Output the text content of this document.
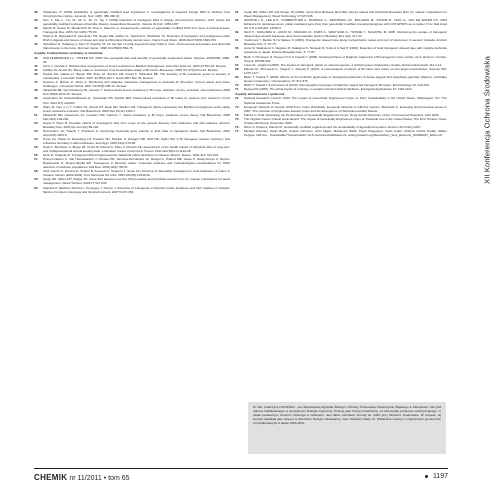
38. Chatterjee, P. (2008) Availability of genetically modified feed ingredients II: investigations of ingested foreign DNA in rainbow trout Oncorhynchus mykiss. Aquacult. Nutr. 14(5): 380-390 [1]

39. Sun, T., Ma, L., Liu, W., Ali, S., Xu, H., Jia, Y. (2009) Detection of transgenic DNA in tilapias (Oreochromis niloticus, GIFT strain) fed genetically modified soybeans (Roundup Ready). Aquaculture Research, Volume 40 (12): 1350-1357

40. Mazza R, Soave M, Morlacchini M, Piva G, Marocco A. Assessing the transfer of genetically modified DNA from feed to animal tissues. Transgenic Res. 2005 Oct;14(5):775-84.

41. Sharma R, Damgaard D, Alexander TW, Dugan ME, Aalhus JL, Stanford K, McAllister TA. Detection of transgenic and endogenous plant DNA in digesta and tissues of sheep and pigs fed Roundup Ready canola meal. J Agric Food Chem. 2006 Mar 8;54(5):1699-709.

42. Schubbert R, Hohlweg U, Renz D, Doerfler W. On the fate of orally ingested foreign DNA in mice: chromosomal association and placental transmission to the fetus. Mol Gen Genet. 1998 Oct;259(6):569-76.

Aspekty środowiskowe i problemy w rolnictwie,

43. WOLFENBARGER L.L., PHIFER P.R. 2000 The ecological risks and benefits of genetically engineered plants. Science. 290(5499): 2088-93.

44. Ferré J, Van Rie J. Biochemistry and genetics of insect resistance to Bacillus thuringiensis. Annu Rev Entomol. 2002;47:501-33. Review.

45. Griffitts JS, Aroian RV. Many roads to resistance: how invertebrates adapt to Bt toxins. Bioessays. 2005 Jun;27(6):614-24. Review.

46. Heckel DG, Gahan LJ, Baxter SW, Zhao JZ, Shelton AM, Gould F, Tabashnik BE. The diversity of Bt resistance genes in species of Lepidoptera. J Invertebr Pathol. 2007 Jul;95(3):192-7. Epub 2007 Mar 25. Review.

47. Downes S, Mahon R, Olsen K. Monitoring and adaptive resistance management in Australia for Bt-cotton: current status and future challenges. J Invertebr Pathol. 2007 Jul;95(3):208-13. Review.

48. Tabashnik BE, Van Rensburg JB, Carrière Y. Field-evolved insect resistance to Bt crops: definition, theory, and data. J Econ Entomol. 2009 Dec;102(6):2011-25. Review.

49. Gassmann AJ, Petzold-Maxwell JL, Keweshan RS, Dunbar MW. Field-evolved resistance to Bt maize by western corn rootworm. PLoS One. 2011;6(7):e22629.

50. Zhao JZ, Cao J, Li Y, Collins HL, Roush RT, Earle ED, Shelton AM. Transgenic plants expressing two Bacillus thuringiensis toxins delay insect resistance evolution. Nat Biotechnol. 2003 Dec;21(12):1493-7.

51. Tabashnik BE, Gassmann AJ, Crowder DW, Carrière Y. Insect resistance to Bt crops: evidence versus theory. Nat Biotechnol. 2008 Feb;26(2):199-202.

52. Gepts P. Ryan R. Possible effects of (transgenic) flow from crops on the genetic diversity from landraces and wild relatives. Environ Biosafety Res. 2003 Apr-Jun;2(2):89-103.

53. Heinemann JA, Traavik T. Problems in monitoring horizontal gene transfer in field trials of transgenic plants. Nat Biotechnol. 2004 Sep;22(9):1105-9.

54. Snow AA, Pilson D, Rieseberg LH, Paulsen MJ, Pleskac N, Reagon MR, Wolf DE, Selbo SM. A Bt transgene reduces herbivory and enhances fecundity in wild sunflowers. Ecol Appl. 2003;13(2):279-86.

55. Snell C, Bernheim A, Bergé JB, Kuntz M, Pascal G, Paris A, Ricroch AE. Assessment of the health impact of GM plant diets in long-term and multigenerational animal feeding trials: a literature review. Food Chem Toxicol. 2012 Mar;50(3-4):1134-48.

56. Quist D, Chapela IH. Transgenic DNA introgressed into traditional maize landraces in Oaxaca, Mexico. Nature. 2001;414: 541-543.

57. Pineyro-Nelson A, Van Heerwaarden J, Perales HR, Serratos-Hernández JA, Rangel A, Hufford MB, Gepts P, Garay-Arroyo A, Rivera-Bustamante R, Alvarez-Buylla ER. Transgenes in Mexican maize: molecular evidence and methodological considerations for GMO detection in landrace populations. Mol Ecol. 2009;18(4):750-61.

58. Ortiz-García S, Ezcurra E, Schoel B, Acevedo F, Soberón J, Snow AA. Absence of detectable transgenes in local landraces of maize in Oaxaca, Mexico (2003-2004). Proc Natl Acad Sci USA. 2005;102(35):12338-43.

59. Gealy DR, Mitten DH, Rutger JN. Gene flow between red rice (Oryza sativa) and herbicide-resistant rice (O. sativa): implications for weed management. Weed Technol. 2003;17:627-645.

60. Gabriels P, Martinez Zarzoso I, Kornegay J, Franco J. Detection of transgenes in Mexican maize landraces and their relatives in Oaxaca, Mexico. Frontiers in Ecology and the Environment. 2007;5:247-252.

61. Gealy DR, Mitten DH and Rutger JN (2003). Gene Flow Between Red Rice (Oryza sativa) and Herbicide-Resistant Rice (O. sativa): Implications for Weed Management. Weed Technology 17:627-645.

62. WATRUD L.S., LEE E.H., FAIRBROTHER A., BURDICK C., REICHMAN J.R., BOLLMAN M., STORM M., KING G., VAN DE WATER P.K. 2004 Evidence for landscape-level, pollen-mediated gene flow from genetically modified creeping bentgrass with CP4 EPSPS as a marker. Proc Natl Acad Sci U S A 101(40): 14533-8

63. SAJI H., NAKAJIMA N., AONO M., TAMAOKI M., KUBO A., WAKIYAMA S., HATASE Y., NAGATSU M. 2005. Monitoring the escape of transgenic oilseed rape around Japanese ports and roadsides. Environ Biosafety Res 4(4): 217-22.

64. Yoshimura Y, Beckie HJ & Matsuo K (2006). Transgenic oilseed rape along transportation routes and port of Vancouver in western Canada. Environ Biosafety Res. 5: 67-75.

65. Aono M, Wakiyama S, Nagatsu M, Nakajima N, Tamaoki M, Kubo A & Saji H (2006). Detection of feral transgenic oilseed rape with multiple-herbicide resistance in Japan. Environ Biosafety Res. 5: 77-87.

66. Bohn T, Primicerio R, Hessen D.O & Traavik T (2008). Reduced fitness of Daphnia magna fed a Bt-transgenic maize variety. Arch. Environ. Contam. Toxicol. 55:584-592.

67. Lövei GL, Arpaia S (2005). The impact of transgenic plants on natural enemies: a critical review of laboratory studies. Entomol Exp Applic 114:1-14.

68. Marvier M., McCreedy C., Regetz J., Kareiva P. (2007). A meta-analysis of effects of Bt cotton and maize on non-target invertebrates. Science 316: 1475-1477.

69. Bøhn T, Traavik T. (2008). Effects of the herbicide glyphosate on biological parameters of Aedes aegypti and Anopheles gambiae (Diptera, Culicidae) larvae in laboratory. Chemosphere 70: 871-876.

70. Bøhn T, Traavik T & Primicerio R (2010). Demographic responses of Daphnia magna fed transgenic Bt-maize. Ecotoxicology 19: 419-430.

71. Relyea RA (2005). The lethal impact of roundup on aquatic and terrestrial amphibians. Ecological Applications 15: 1118-1124.

Aspekty ekonomiczne i społeczne

72. National Research Council. 2010. The Impact of Genetically Engineered Crops on Farm Sustainability in the United States. Washington, DC: The National Academies Press.

73. European Network of Genetic GMO-Free Crops Worldwide, European Network of GM-free regions. Benbrook C. Emerging Environmental Issues in 2007: The Overuse of Glyphosate-tolerant Crops and the Emergence of Herbicide-resistant Weeds.

74. Failure to Yield: Evaluating the Performance of Genetically Engineered Crops. Doug Gurian-Sherman. Union of Concerned Scientists, April 2009.

75. The Organic Center Critical Issue Report: The Impact of Genetically Engineered Crops on Pesticide Use in the United States: The First Thirteen Years. Charles Benbrook, November 2009.

76. Rizzo S, Pivato A, Macchi M, Genetically modified organisms and the sustainability of agricultural systems. Environ Sci Policy 2010.

77. Michael Antoniou, Paulo Brack, Andres Carrasco, John Fagan, Mohamed Habib, Paulo Kageyama, Carlo Leifert, Rubens Onofre Nodari, Walter Pengue. GM Soy - Sustainable? Responsible? GLS Gemeinschaftsbank eG; www.gmwatch.org/files/GMsoy_Sust_Respons_SUMMARY_ENG.pdf	XII Konferencja Ochrona Środowiska
Dr hab. Katarzyna LISOWSKA - jest absolwentką Wydziału Biologii i Ochrony Środowiska Uniwersytetu Śląskiego w Katowicach. Ma tytuł doktora habilitowanego w specjalności biologia medyczna. Pracuje jako biolog molekularny, na stanowisku profesora nadzwyczajnego, w dziale badawczym Centrum Onkologii w Gliwicach. Jest także członkiem Komisji ds. GMO przy Ministrze Środowiska. W zespole, tej komisji zasiadała jako ekspert w dziedzinie biologii molekularnej. Jest członkiem Rady ds. Wdrażania Ustawy o organizmach genetycznie zmodyfikowanych w latach 2006-2011.
CHEMIK nr 11/2011 • tom 65	1197
